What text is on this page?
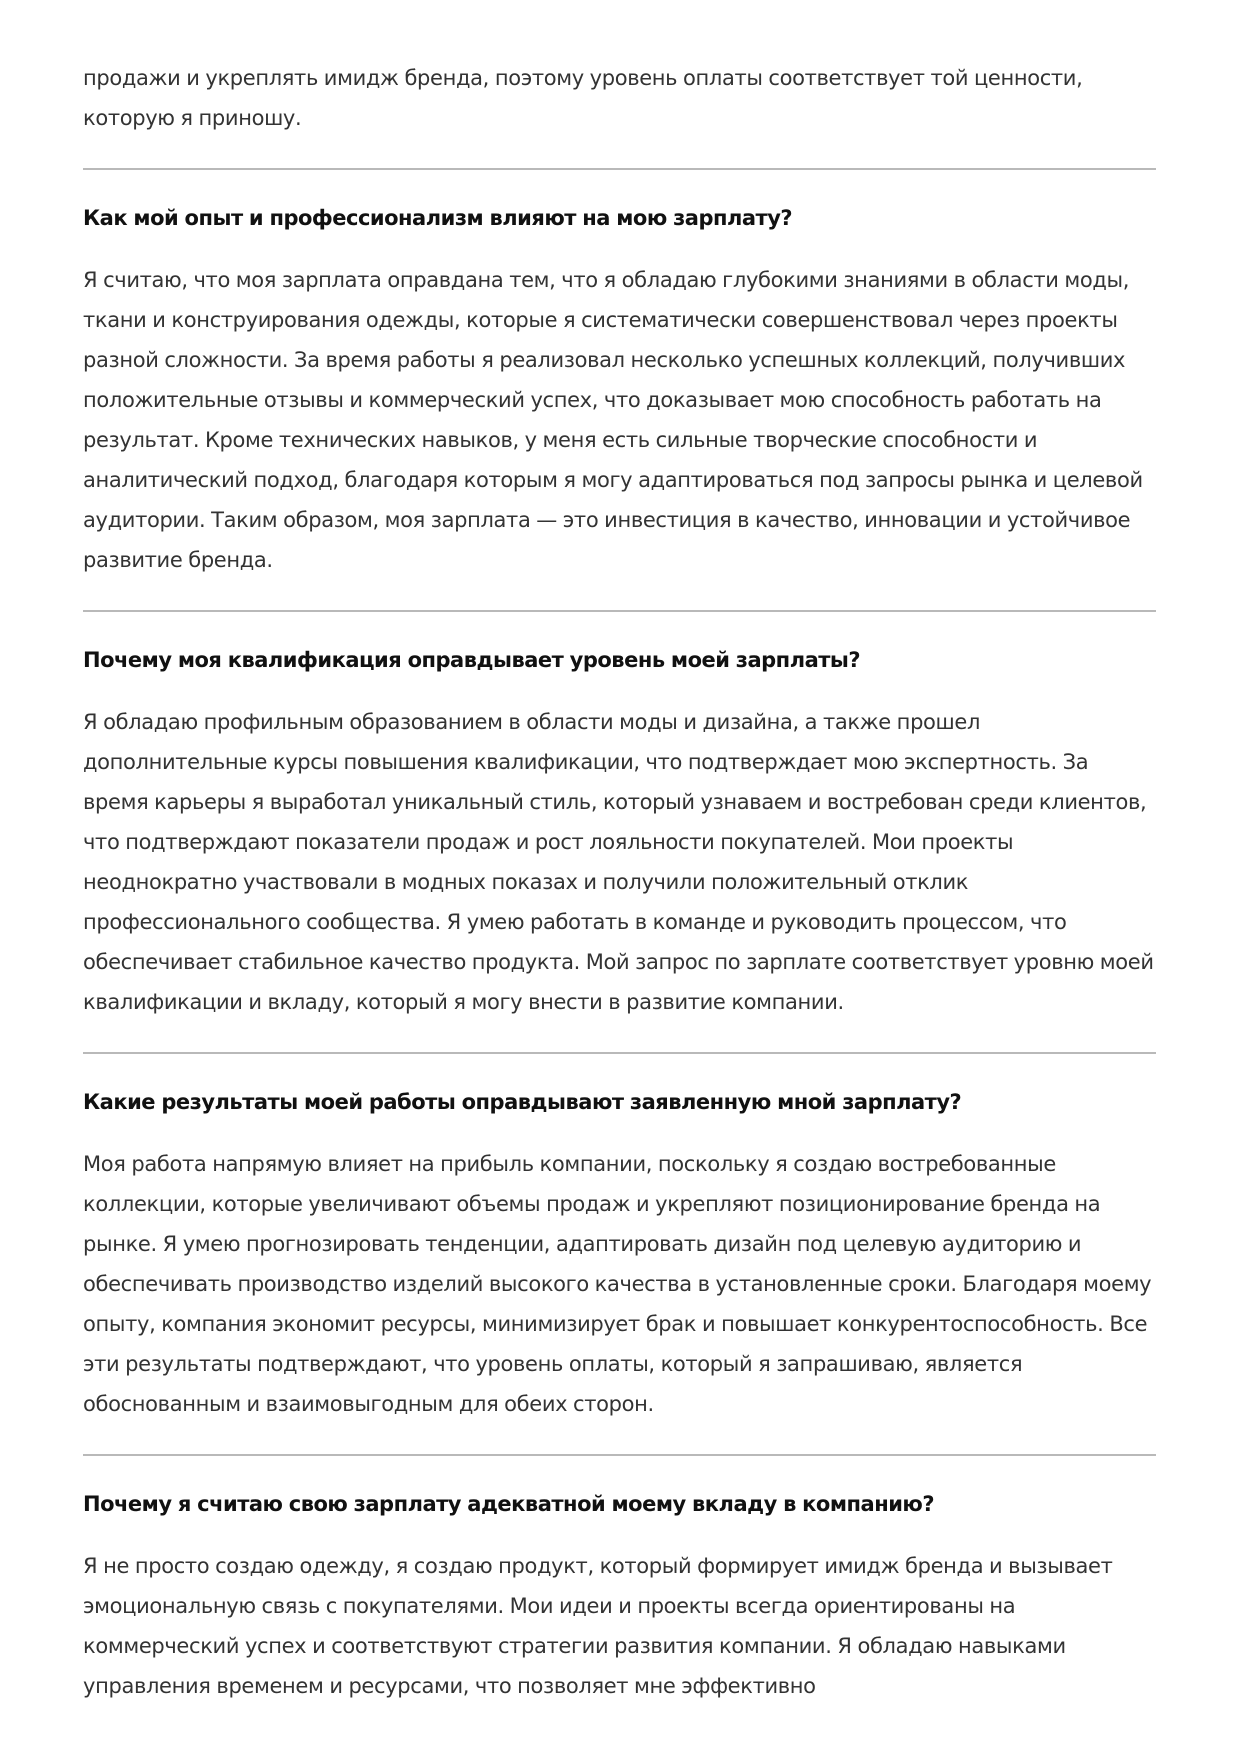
продажи и укреплять имидж бренда, поэтому уровень оплаты соответствует той ценности, которую я приношу.

Как мой опыт и профессионализм влияют на мою зарплату?

Я считаю, что моя зарплата оправдана тем, что я обладаю глубокими знаниями в области моды, ткани и конструирования одежды, которые я систематически совершенствовал через проекты разной сложности. За время работы я реализовал несколько успешных коллекций, получивших положительные отзывы и коммерческий успех, что доказывает мою способность работать на результат. Кроме технических навыков, у меня есть сильные творческие способности и аналитический подход, благодаря которым я могу адаптироваться под запросы рынка и целевой аудитории. Таким образом, моя зарплата — это инвестиция в качество, инновации и устойчивое развитие бренда.

Почему моя квалификация оправдывает уровень моей зарплаты?

Я обладаю профильным образованием в области моды и дизайна, а также прошел дополнительные курсы повышения квалификации, что подтверждает мою экспертность. За время карьеры я выработал уникальный стиль, который узнаваем и востребован среди клиентов, что подтверждают показатели продаж и рост лояльности покупателей. Мои проекты неоднократно участвовали в модных показах и получили положительный отклик профессионального сообщества. Я умею работать в команде и руководить процессом, что обеспечивает стабильное качество продукта. Мой запрос по зарплате соответствует уровню моей квалификации и вкладу, который я могу внести в развитие компании.

Какие результаты моей работы оправдывают заявленную мной зарплату?

Моя работа напрямую влияет на прибыль компании, поскольку я создаю востребованные коллекции, которые увеличивают объемы продаж и укрепляют позиционирование бренда на рынке. Я умею прогнозировать тенденции, адаптировать дизайн под целевую аудиторию и обеспечивать производство изделий высокого качества в установленные сроки. Благодаря моему опыту, компания экономит ресурсы, минимизирует брак и повышает конкурентоспособность. Все эти результаты подтверждают, что уровень оплаты, который я запрашиваю, является обоснованным и взаимовыгодным для обеих сторон.

Почему я считаю свою зарплату адекватной моему вкладу в компанию?

Я не просто создаю одежду, я создаю продукт, который формирует имидж бренда и вызывает эмоциональную связь с покупателями. Мои идеи и проекты всегда ориентированы на коммерческий успех и соответствуют стратегии развития компании. Я обладаю навыками управления временем и ресурсами, что позволяет мне эффективно
